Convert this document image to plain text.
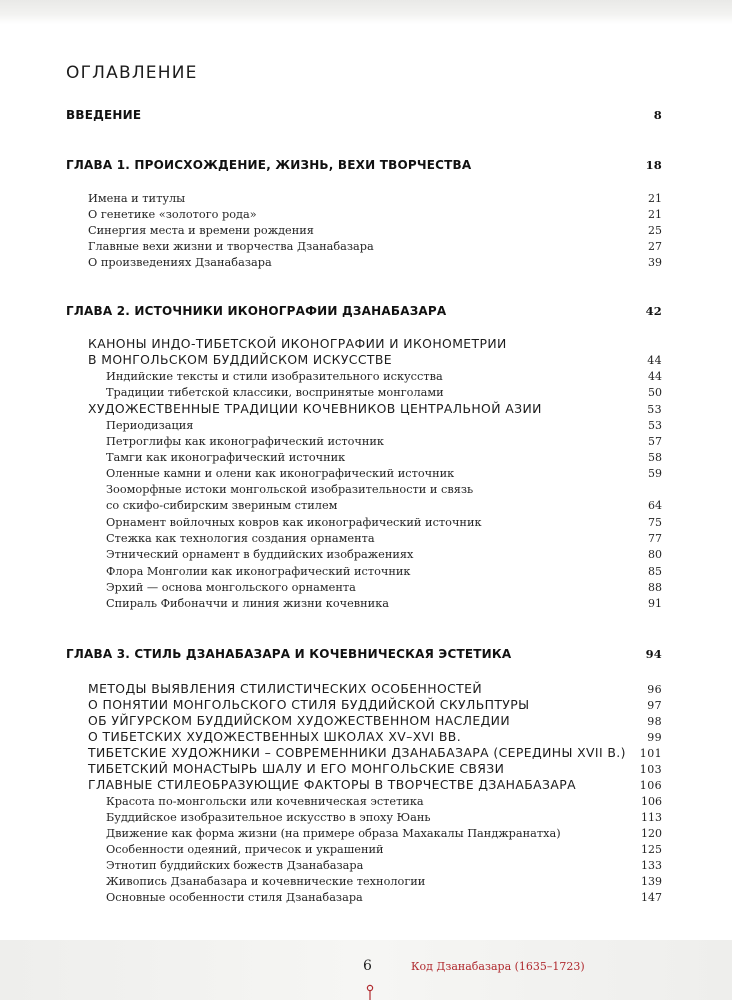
ОГЛАВЛЕНИЕ
ВВЕДЕНИЕ	8
ГЛАВА 1. ПРОИСХОЖДЕНИЕ, ЖИЗНЬ, ВЕХИ ТВОРЧЕСТВА	18
Имена и титулы	21
О генетике «золотого рода»	21
Синергия места и времени рождения	25
Главные вехи жизни и творчества Дзанабазара	27
О произведениях Дзанабазара	39
ГЛАВА 2. ИСТОЧНИКИ ИКОНОГРАФИИ ДЗАНАБАЗАРА	42
КАНОНЫ ИНДО-ТИБЕТСКОЙ ИКОНОГРАФИИ И ИКОНОМЕТРИИ
В МОНГОЛЬСКОМ БУДДИЙСКОМ ИСКУССТВЕ	44
Индийские тексты и стили изобразительного искусства	44
Традиции тибетской классики, воспринятые монголами	50
ХУДОЖЕСТВЕННЫЕ ТРАДИЦИИ КОЧЕВНИКОВ ЦЕНТРАЛЬНОЙ АЗИИ	53
Периодизация	53
Петроглифы как иконографический источник	57
Тамги как иконографический источник	58
Оленные камни и олени как иконографический источник	59
Зооморфные истоки монгольской изобразительности и связь
со скифо-сибирским звериным стилем	64
Орнамент войлочных ковров как иконографический источник	75
Стежка как технология создания орнамента	77
Этнический орнамент в буддийских изображениях	80
Флора Монголии как иконографический источник	85
Эрхий — основа монгольского орнамента	88
Спираль Фибоначчи и линия жизни кочевника	91
ГЛАВА 3. СТИЛЬ ДЗАНАБАЗАРА И КОЧЕВНИЧЕСКАЯ ЭСТЕТИКА	94
МЕТОДЫ ВЫЯВЛЕНИЯ СТИЛИСТИЧЕСКИХ ОСОБЕННОСТЕЙ	96
О ПОНЯТИИ МОНГОЛЬСКОГО СТИЛЯ БУДДИЙСКОЙ СКУЛЬПТУРЫ	97
ОБ УЙГУРСКОМ БУДДИЙСКОМ ХУДОЖЕСТВЕННОМ НАСЛЕДИИ	98
О ТИБЕТСКИХ ХУДОЖЕСТВЕННЫХ ШКОЛАХ XV–XVI ВВ.	99
ТИБЕТСКИЕ ХУДОЖНИКИ – СОВРЕМЕННИКИ ДЗАНАБАЗАРА (СЕРЕДИНЫ XVII В.) 101
ТИБЕТСКИЙ МОНАСТЫРЬ ШАЛУ И ЕГО МОНГОЛЬСКИЕ СВЯЗИ	103
ГЛАВНЫЕ СТИЛЕОБРАЗУЮЩИЕ ФАКТОРЫ В ТВОРЧЕСТВЕ ДЗАНАБАЗАРА	106
Красота по-монгольски или кочевническая эстетика	106
Буддийское изобразительное искусство в эпоху Юань	113
Движение как форма жизни (на примере образа Махакалы Панджранатха)	120
Особенности одеяний, причесок и украшений	125
Этнотип буддийских божеств Дзанабазара	133
Живопись Дзанабазара и кочевнические технологии	139
Основные особенности стиля Дзанабазара	147
6	Код Дзанабазара (1635–1723)
